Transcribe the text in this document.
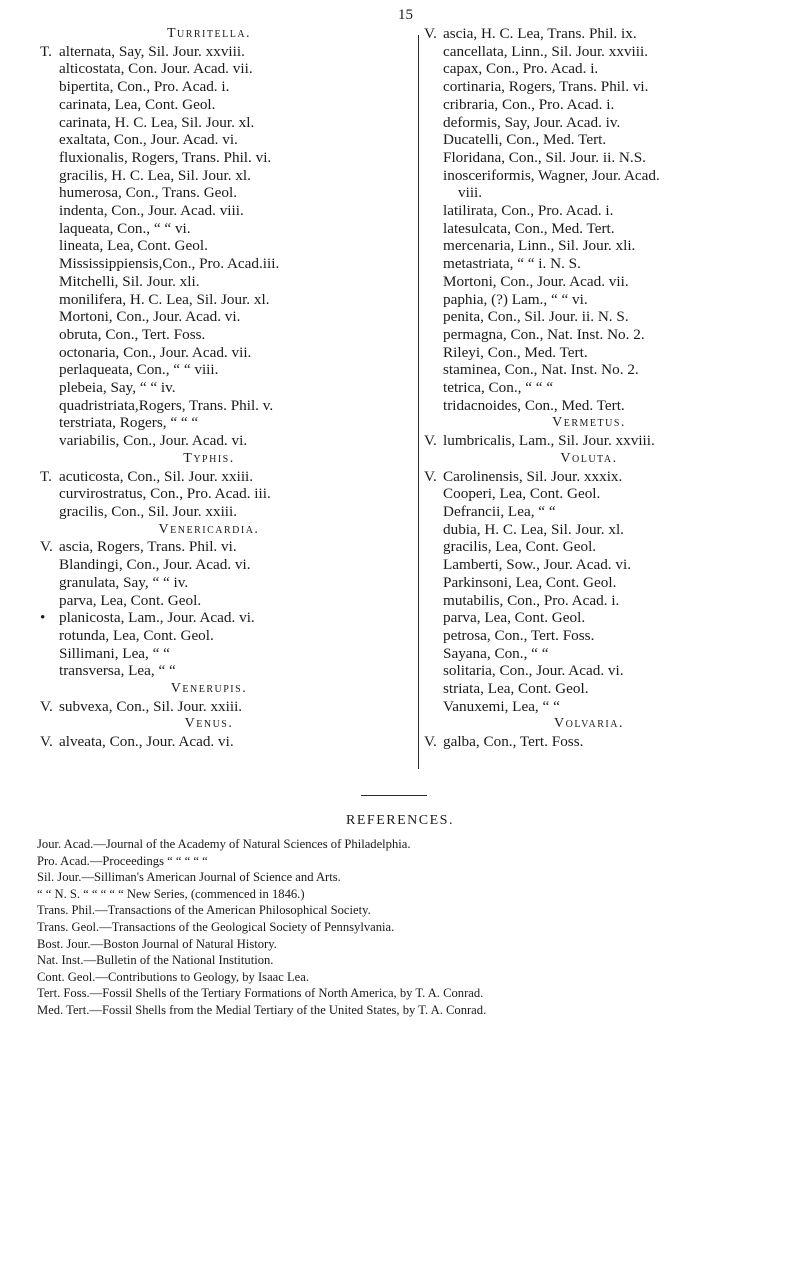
15
Turritella.
T. alternata, Say, Sil. Jour. xxviii.
alticostata, Con. Jour. Acad. vii.
bipertita, Con., Pro. Acad. i.
carinata, Lea, Cont. Geol.
carinata, H. C. Lea, Sil. Jour. xl.
exaltata, Con., Jour. Acad. vi.
fluxionalis, Rogers, Trans. Phil. vi.
gracilis, H. C. Lea, Sil. Jour. xl.
humerosa, Con., Trans. Geol.
indenta, Con., Jour. Acad. viii.
laqueata, Con., “ “ vi.
lineata, Lea, Cont. Geol.
Mississippiensis,Con., Pro. Acad.iii.
Mitchelli, Sil. Jour. xli.
monilifera, H. C. Lea, Sil. Jour. xl.
Mortoni, Con., Jour. Acad. vi.
obruta, Con., Tert. Foss.
octonaria, Con., Jour. Acad. vii.
perlaqueata, Con., “ “ viii.
plebeia, Say, “ “ iv.
quadristriata,Rogers, Trans. Phil. v.
terstriata, Rogers, “ “ “
variabilis, Con., Jour. Acad. vi.
Typhis.
T. acuticosta, Con., Sil. Jour. xxiii.
curvirostratus, Con., Pro. Acad. iii.
gracilis, Con., Sil. Jour. xxiii.
Venericardia.
V. ascia, Rogers, Trans. Phil. vi.
Blandingi, Con., Jour. Acad. vi.
granulata, Say, “ “ iv.
parva, Lea, Cont. Geol.
• planicosta, Lam., Jour. Acad. vi.
rotunda, Lea, Cont. Geol.
Sillimani, Lea, “ “
transversa, Lea, “ “
Venerupis.
V. subvexa, Con., Sil. Jour. xxiii.
Venus.
V. alveata, Con., Jour. Acad. vi.
V. ascia, H. C. Lea, Trans. Phil. ix.
cancellata, Linn., Sil. Jour. xxviii.
capax, Con., Pro. Acad. i.
cortinaria, Rogers, Trans. Phil. vi.
cribraria, Con., Pro. Acad. i.
deformis, Say, Jour. Acad. iv.
Ducatelli, Con., Med. Tert.
Floridana, Con., Sil. Jour. ii. N.S.
inosceriformis, Wagner, Jour. Acad.
viii.
latilirata, Con., Pro. Acad. i.
latesulcata, Con., Med. Tert.
mercenaria, Linn., Sil. Jour. xli.
metastriata, “ “ i. N. S.
Mortoni, Con., Jour. Acad. vii.
paphia, (?) Lam., “ “ vi.
penita, Con., Sil. Jour. ii. N. S.
permagna, Con., Nat. Inst. No. 2.
Rileyi, Con., Med. Tert.
staminea, Con., Nat. Inst. No. 2.
tetrica, Con., “ “ “
tridacnoides, Con., Med. Tert.
Vermetus.
V. lumbricalis, Lam., Sil. Jour. xxviii.
Voluta.
V. Carolinensis, Sil. Jour. xxxix.
Cooperi, Lea, Cont. Geol.
Defrancii, Lea, “ “
dubia, H. C. Lea, Sil. Jour. xl.
gracilis, Lea, Cont. Geol.
Lamberti, Sow., Jour. Acad. vi.
Parkinsoni, Lea, Cont. Geol.
mutabilis, Con., Pro. Acad. i.
parva, Lea, Cont. Geol.
petrosa, Con., Tert. Foss.
Sayana, Con., “ “
solitaria, Con., Jour. Acad. vi.
striata, Lea, Cont. Geol.
Vanuxemi, Lea, “ “
Volvaria.
V. galba, Con., Tert. Foss.
REFERENCES.
Jour. Acad.—Journal of the Academy of Natural Sciences of Philadelphia.
Pro. Acad.—Proceedings “ “ “ “ “
Sil. Jour.—Silliman's American Journal of Science and Arts.
“ “ N. S. “ “ “ “ “ New Series, (commenced in 1846.)
Trans. Phil.—Transactions of the American Philosophical Society.
Trans. Geol.—Transactions of the Geological Society of Pennsylvania.
Bost. Jour.—Boston Journal of Natural History.
Nat. Inst.—Bulletin of the National Institution.
Cont. Geol.—Contributions to Geology, by Isaac Lea.
Tert. Foss.—Fossil Shells of the Tertiary Formations of North America, by T. A. Conrad.
Med. Tert.—Fossil Shells from the Medial Tertiary of the United States, by T. A. Conrad.
